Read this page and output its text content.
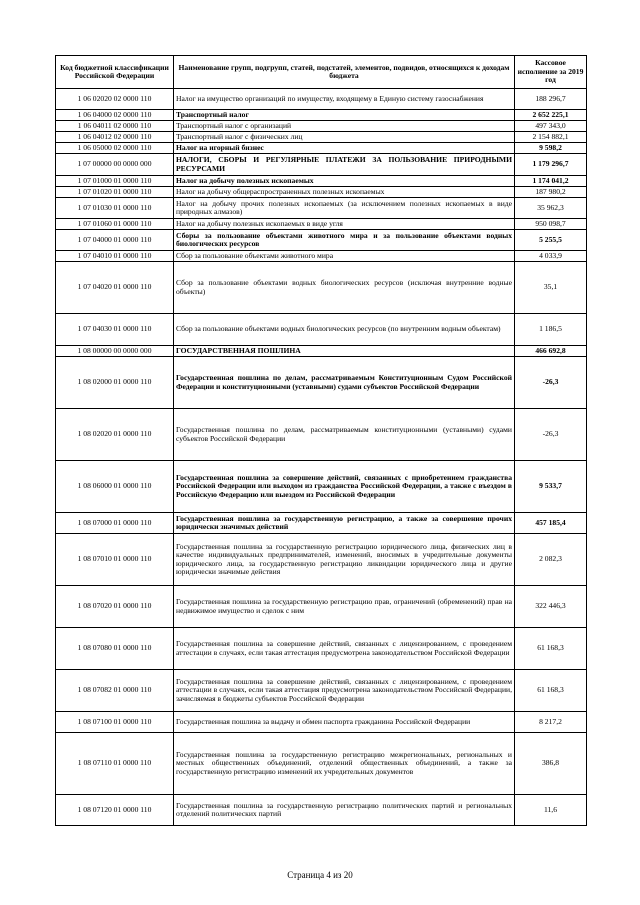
Код бюджетной классификации Российской Федерации	Наименование групп, подгрупп, статей, подстатей, элементов, подвидов, относящихся к доходам бюджета	Кассовое исполнение за 2019 год
1 06 02020 02 0000 110	Налог на имущество организаций по имуществу, входящему в Единую систему газоснабжения	188 296,7
1 06 04000 02 0000 110	Транспортный налог	2 652 225,1
1 06 04011 02 0000 110	Транспортный налог с организаций	497 343,0
1 06 04012 02 0000 110	Транспортный налог с физических лиц	2 154 882,1
1 06 05000 02 0000 110	Налог на игорный бизнес	9 598,2
1 07 00000 00 0000 000	НАЛОГИ, СБОРЫ И РЕГУЛЯРНЫЕ ПЛАТЕЖИ ЗА ПОЛЬЗОВАНИЕ ПРИРОДНЫМИ РЕСУРСАМИ	1 179 296,7
1 07 01000 01 0000 110	Налог на добычу полезных ископаемых	1 174 041,2
1 07 01020 01 0000 110	Налог на добычу общераспространенных полезных ископаемых	187 980,2
1 07 01030 01 0000 110	Налог на добычу прочих полезных ископаемых (за исключением полезных ископаемых в виде природных алмазов)	35 962,3
1 07 01060 01 0000 110	Налог на добычу полезных ископаемых в виде угля	950 098,7
1 07 04000 01 0000 110	Сборы за пользование объектами животного мира и за пользование объектами водных биологических ресурсов	5 255,5
1 07 04010 01 0000 110	Сбор за пользование объектами животного мира	4 033,9
1 07 04020 01 0000 110	Сбор за пользование объектами водных биологических ресурсов (исключая внутренние водные объекты)	35,1
1 07 04030 01 0000 110	Сбор за пользование объектами водных биологических ресурсов (по внутренним водным объектам)	1 186,5
1 08 00000 00 0000 000	ГОСУДАРСТВЕННАЯ ПОШЛИНА	466 692,8
1 08 02000 01 0000 110	Государственная пошлина по делам, рассматриваемым Конституционным Судом Российской Федерации и конституционными (уставными) судами субъектов Российской Федерации	-26,3
1 08 02020 01 0000 110	Государственная пошлина по делам, рассматриваемым конституционными (уставными) судами субъектов Российской Федерации	-26,3
1 08 06000 01 0000 110	Государственная пошлина за совершение действий, связанных с приобретением гражданства Российской Федерации или выходом из гражданства Российской Федерации, а также с въездом в Российскую Федерацию или выездом из Российской Федерации	9 533,7
1 08 07000 01 0000 110	Государственная пошлина за государственную регистрацию, а также за совершение прочих юридически значимых действий	457 185,4
1 08 07010 01 0000 110	Государственная пошлина за государственную регистрацию юридического лица, физических лиц в качестве индивидуальных предпринимателей, изменений, вносимых в учредительные документы юридического лица, за государственную регистрацию ликвидации юридического лица и другие юридически значимые действия	2 082,3
1 08 07020 01 0000 110	Государственная пошлина за государственную регистрацию прав, ограничений (обременений) прав на недвижимое имущество и сделок с ним	322 446,3
1 08 07080 01 0000 110	Государственная пошлина за совершение действий, связанных с лицензированием, с проведением аттестации в случаях, если такая аттестация предусмотрена законодательством Российской Федерации	61 168,3
1 08 07082 01 0000 110	Государственная пошлина за совершение действий, связанных с лицензированием, с проведением аттестации в случаях, если такая аттестация предусмотрена законодательством Российской Федерации, зачисляемая в бюджеты субъектов Российской Федерации	61 168,3
1 08 07100 01 0000 110	Государственная пошлина за выдачу и обмен паспорта гражданина Российской Федерации	8 217,2
1 08 07110 01 0000 110	Государственная пошлина за государственную регистрацию межрегиональных, региональных и местных общественных объединений, отделений общественных объединений, а также за государственную регистрацию изменений их учредительных документов	386,8
1 08 07120 01 0000 110	Государственная пошлина за государственную регистрацию политических партий и региональных отделений политических партий	11,6
Страница 4 из 20
